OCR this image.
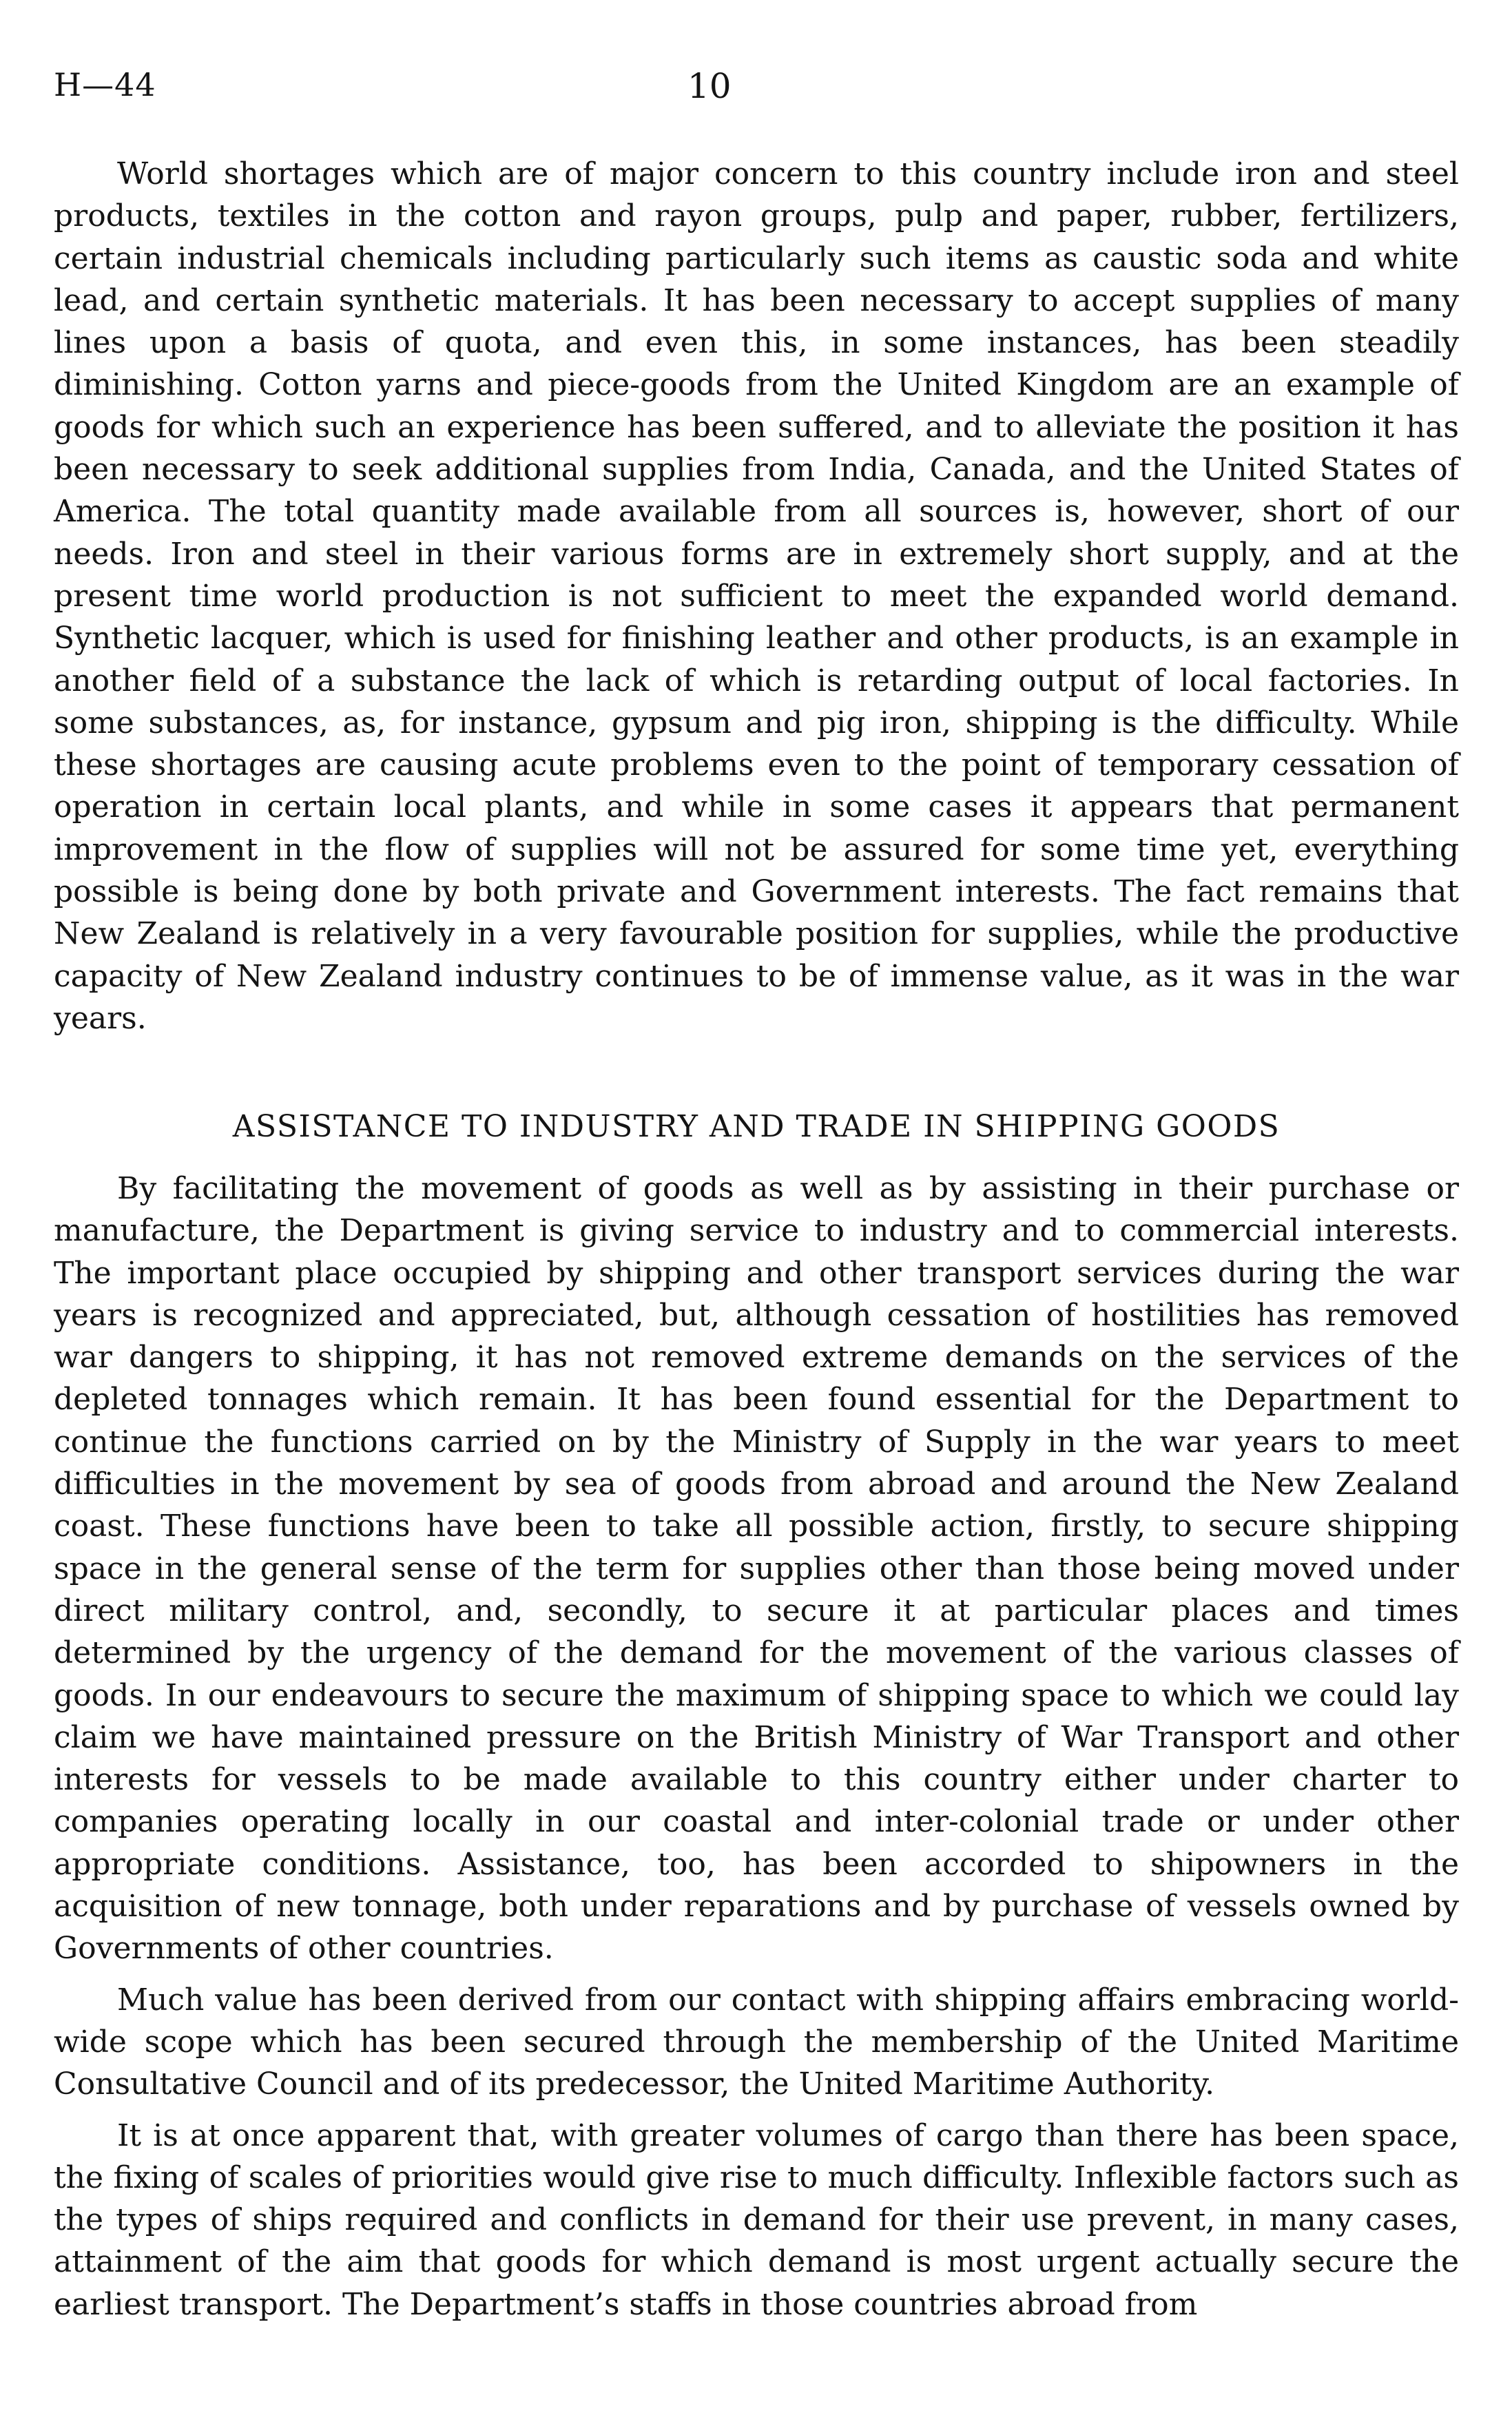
H—44	10

World shortages which are of major concern to this country include iron and steel products, textiles in the cotton and rayon groups, pulp and paper, rubber, fertilizers, certain industrial chemicals including particularly such items as caustic soda and white lead, and certain synthetic materials. It has been necessary to accept supplies of many lines upon a basis of quota, and even this, in some instances, has been steadily diminishing. Cotton yarns and piece-goods from the United Kingdom are an example of goods for which such an experience has been suffered, and to alleviate the position it has been necessary to seek additional supplies from India, Canada, and the United States of America. The total quantity made available from all sources is, however, short of our needs. Iron and steel in their various forms are in extremely short supply, and at the present time world production is not sufficient to meet the expanded world demand. Synthetic lacquer, which is used for finishing leather and other products, is an example in another field of a substance the lack of which is retarding output of local factories. In some substances, as, for instance, gypsum and pig iron, shipping is the difficulty. While these shortages are causing acute problems even to the point of temporary cessation of operation in certain local plants, and while in some cases it appears that permanent improvement in the flow of supplies will not be assured for some time yet, everything possible is being done by both private and Government interests. The fact remains that New Zealand is relatively in a very favourable position for supplies, while the productive capacity of New Zealand industry continues to be of immense value, as it was in the war years.

ASSISTANCE TO INDUSTRY AND TRADE IN SHIPPING GOODS

By facilitating the movement of goods as well as by assisting in their purchase or manufacture, the Department is giving service to industry and to commercial interests. The important place occupied by shipping and other transport services during the war years is recognized and appreciated, but, although cessation of hostilities has removed war dangers to shipping, it has not removed extreme demands on the services of the depleted tonnages which remain. It has been found essential for the Department to continue the functions carried on by the Ministry of Supply in the war years to meet difficulties in the movement by sea of goods from abroad and around the New Zealand coast. These functions have been to take all possible action, firstly, to secure shipping space in the general sense of the term for supplies other than those being moved under direct military control, and, secondly, to secure it at particular places and times determined by the urgency of the demand for the movement of the various classes of goods. In our endeavours to secure the maximum of shipping space to which we could lay claim we have maintained pressure on the British Ministry of War Transport and other interests for vessels to be made available to this country either under charter to companies operating locally in our coastal and inter-colonial trade or under other appropriate conditions. Assistance, too, has been accorded to shipowners in the acquisition of new tonnage, both under reparations and by purchase of vessels owned by Governments of other countries.

Much value has been derived from our contact with shipping affairs embracing world-wide scope which has been secured through the membership of the United Maritime Consultative Council and of its predecessor, the United Maritime Authority.

It is at once apparent that, with greater volumes of cargo than there has been space, the fixing of scales of priorities would give rise to much difficulty. Inflexible factors such as the types of ships required and conflicts in demand for their use prevent, in many cases, attainment of the aim that goods for which demand is most urgent actually secure the earliest transport. The Department’s staffs in those countries abroad from
